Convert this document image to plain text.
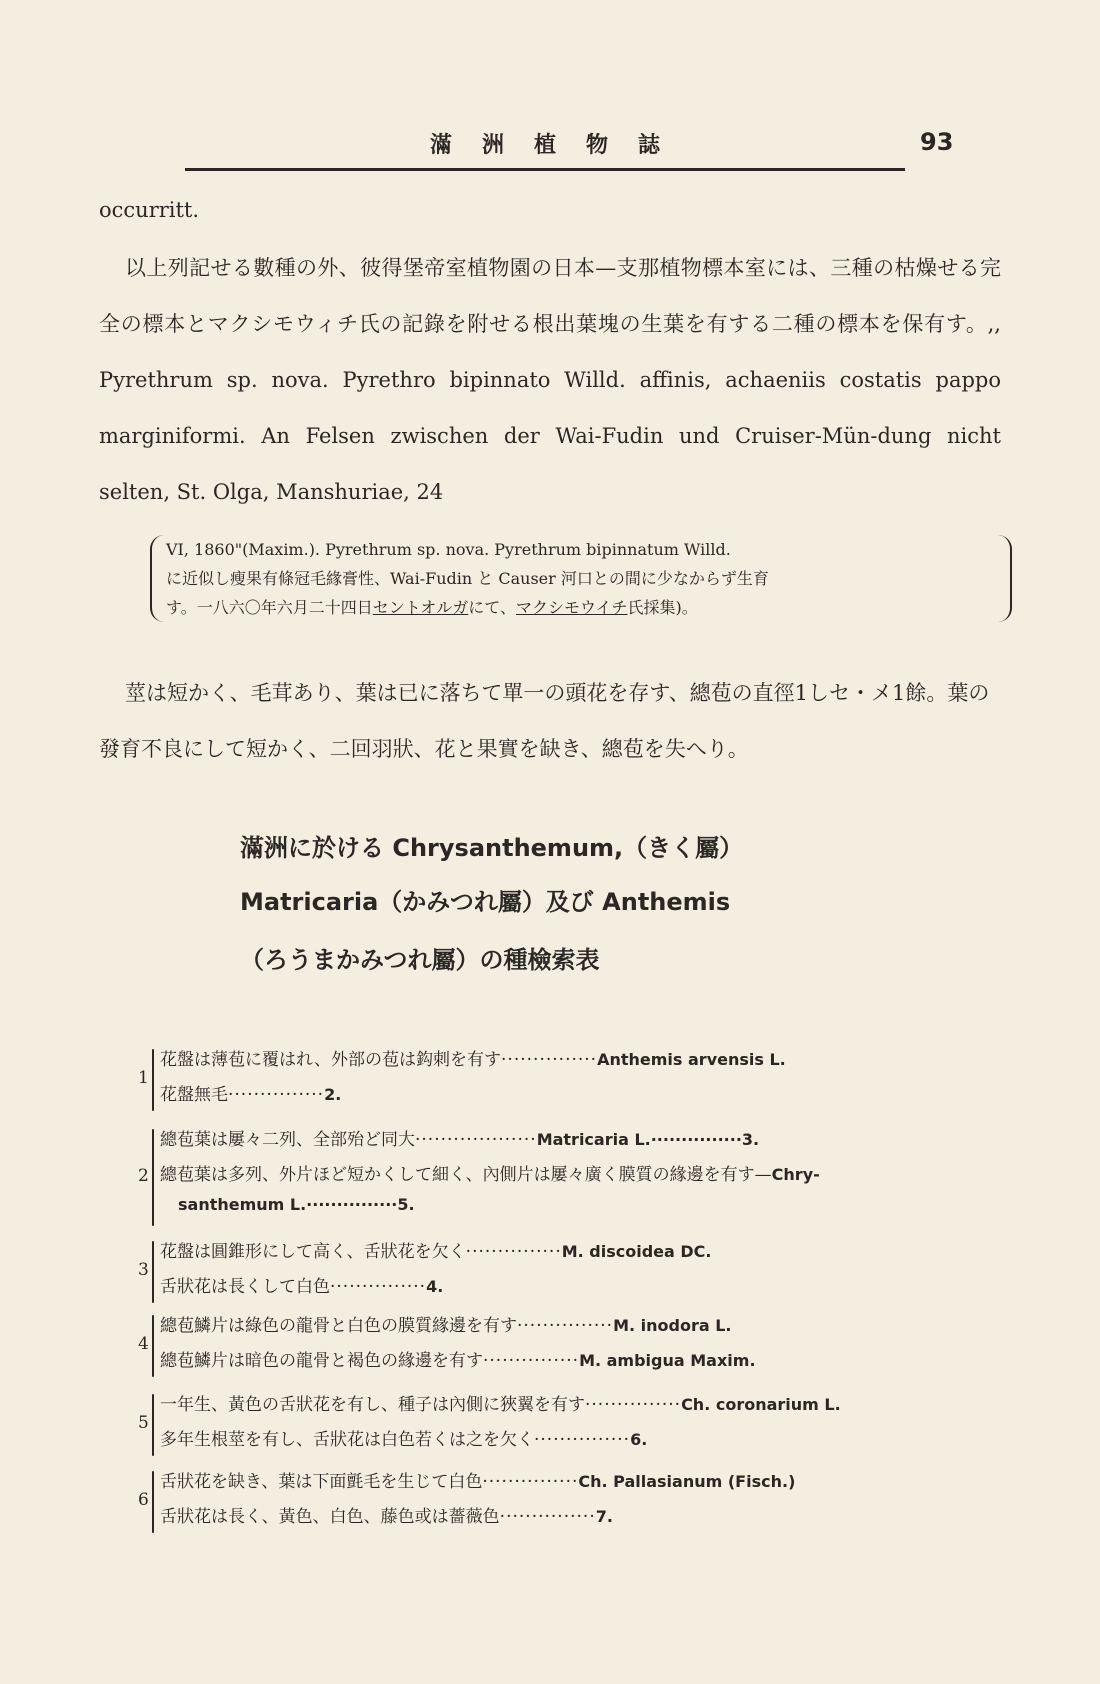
滿洲植物誌	93
occurritt.
以上列記せる數種の外、彼得堡帝室植物園の日本—支那植物標本室には、三種の枯燥せる完全の標本とマクシモウィチ氏の記錄を附せる根出葉塊の生葉を有する二種の標本を保有す。,, Pyrethrum sp. nova. Pyrethro bipinnato Willd. affinis, achaeniis costatis pappo marginiformi. An Felsen zwischen der Wai-Fudin und Cruiser-Mün-dung nicht selten, St. Olga, Manshuriae, 24
VI, 1860"(Maxim.). Pyrethrum sp. nova. Pyrethrum bipinnatum Willd.
に近似し瘦果有條冠毛緣膏性、Wai-Fudin と Causer 河口との間に少なからず生育
す。一八六〇年六月二十四日セントオルガにて、マクシモウイチ氏採集)。
莖は短かく、毛茸あり、葉は已に落ちて單一の頭花を存す、總苞の直徑1しセ・メ1餘。葉の發育不良にして短かく、二回羽狀、花と果實を缺き、總苞を失へり。
滿洲に於ける Chrysanthemum,（きく屬）
Matricaria（かみつれ屬）及び Anthemis
（ろうまかみつれ屬）の種檢索表
1
花盤は薄苞に覆はれ、外部の苞は鈎刺を有す···············Anthemis arvensis L.
花盤無毛···············2.
2
總苞葉は屢々二列、全部殆ど同大···················Matricaria L.···············3.
總苞葉は多列、外片ほど短かくして細く、內側片は屢々廣く膜質の緣邊を有す—Chry-
santhemum L.···············5.
3
花盤は圓錐形にして高く、舌狀花を欠く···············M. discoidea DC.
舌狀花は長くして白色···············4.
4
總苞鱗片は綠色の龍骨と白色の膜質緣邊を有す···············M. inodora L.
總苞鱗片は暗色の龍骨と褐色の緣邊を有す···············M. ambigua Maxim.
5
一年生、黃色の舌狀花を有し、種子は內側に狹翼を有す···············Ch. coronarium L.
多年生根莖を有し、舌狀花は白色若くは之を欠く···············6.
6
舌狀花を缺き、葉は下面氈毛を生じて白色···············Ch. Pallasianum (Fisch.)
舌狀花は長く、黃色、白色、藤色或は薔薇色···············7.
